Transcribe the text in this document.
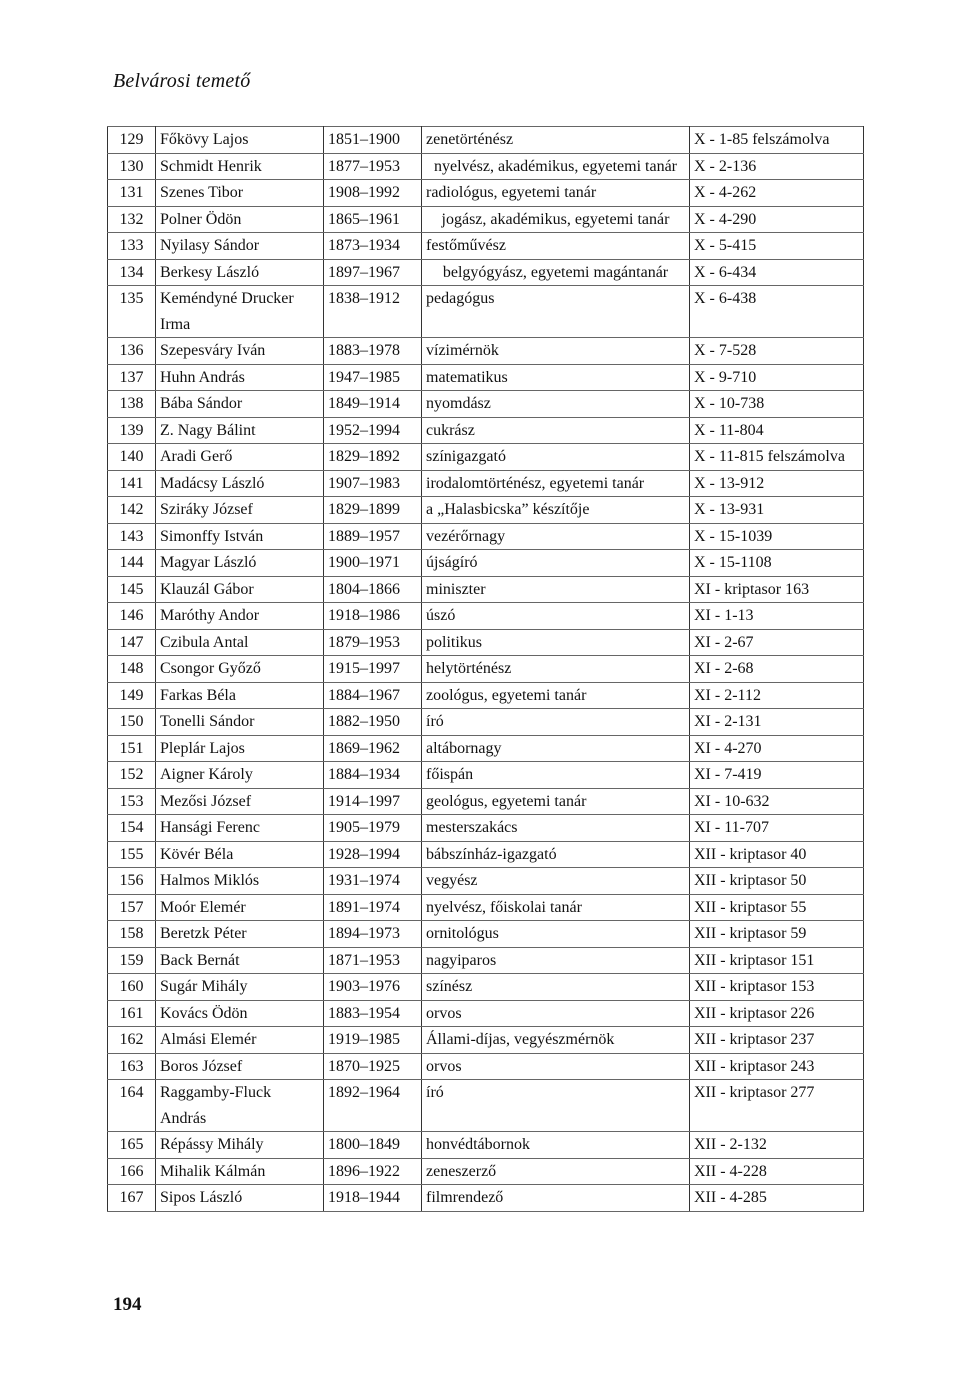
Belvárosi temető
129	Főkövy Lajos	1851–1900	zenetörténész	X - 1-85 felszámolva
130	Schmidt Henrik	1877–1953	nyelvész, akadémikus, egyetemi tanár	X - 2-136
131	Szenes Tibor	1908–1992	radiológus, egyetemi tanár	X - 4-262
132	Polner Ödön	1865–1961	jogász, akadémikus, egyetemi tanár	X - 4-290
133	Nyilasy Sándor	1873–1934	festőművész	X - 5-415
134	Berkesy László	1897–1967	belgyógyász, egyetemi magántanár	X - 6-434
135	Keméndyné Drucker Irma	1838–1912	pedagógus	X - 6-438
136	Szepesváry Iván	1883–1978	vízimérnök	X - 7-528
137	Huhn András	1947–1985	matematikus	X - 9-710
138	Bába Sándor	1849–1914	nyomdász	X - 10-738
139	Z. Nagy Bálint	1952–1994	cukrász	X - 11-804
140	Aradi Gerő	1829–1892	színigazgató	X - 11-815 felszámolva
141	Madácsy László	1907–1983	irodalomtörténész, egyetemi tanár	X - 13-912
142	Sziráky József	1829–1899	a „Halasbicska” készítője	X - 13-931
143	Simonffy István	1889–1957	vezérőrnagy	X - 15-1039
144	Magyar László	1900–1971	újságíró	X - 15-1108
145	Klauzál Gábor	1804–1866	miniszter	XI - kriptasor 163
146	Maróthy Andor	1918–1986	úszó	XI - 1-13
147	Czibula Antal	1879–1953	politikus	XI - 2-67
148	Csongor Győző	1915–1997	helytörténész	XI - 2-68
149	Farkas Béla	1884–1967	zoológus, egyetemi tanár	XI - 2-112
150	Tonelli Sándor	1882–1950	író	XI - 2-131
151	Pleplár Lajos	1869–1962	altábornagy	XI - 4-270
152	Aigner Károly	1884–1934	főispán	XI - 7-419
153	Mezősi József	1914–1997	geológus, egyetemi tanár	XI - 10-632
154	Hansági Ferenc	1905–1979	mesterszakács	XI - 11-707
155	Kövér Béla	1928–1994	bábszínház-igazgató	XII - kriptasor 40
156	Halmos Miklós	1931–1974	vegyész	XII - kriptasor 50
157	Moór Elemér	1891–1974	nyelvész, főiskolai tanár	XII - kriptasor 55
158	Beretzk Péter	1894–1973	ornitológus	XII - kriptasor 59
159	Back Bernát	1871–1953	nagyiparos	XII - kriptasor 151
160	Sugár Mihály	1903–1976	színész	XII - kriptasor 153
161	Kovács Ödön	1883–1954	orvos	XII - kriptasor 226
162	Almási Elemér	1919–1985	Állami-díjas, vegyészmérnök	XII - kriptasor 237
163	Boros József	1870–1925	orvos	XII - kriptasor 243
164	Raggamby-Fluck András	1892–1964	író	XII - kriptasor 277
165	Répássy Mihály	1800–1849	honvédtábornok	XII - 2-132
166	Mihalik Kálmán	1896–1922	zeneszerző	XII - 4-228
167	Sipos László	1918–1944	filmrendező	XII - 4-285
194
